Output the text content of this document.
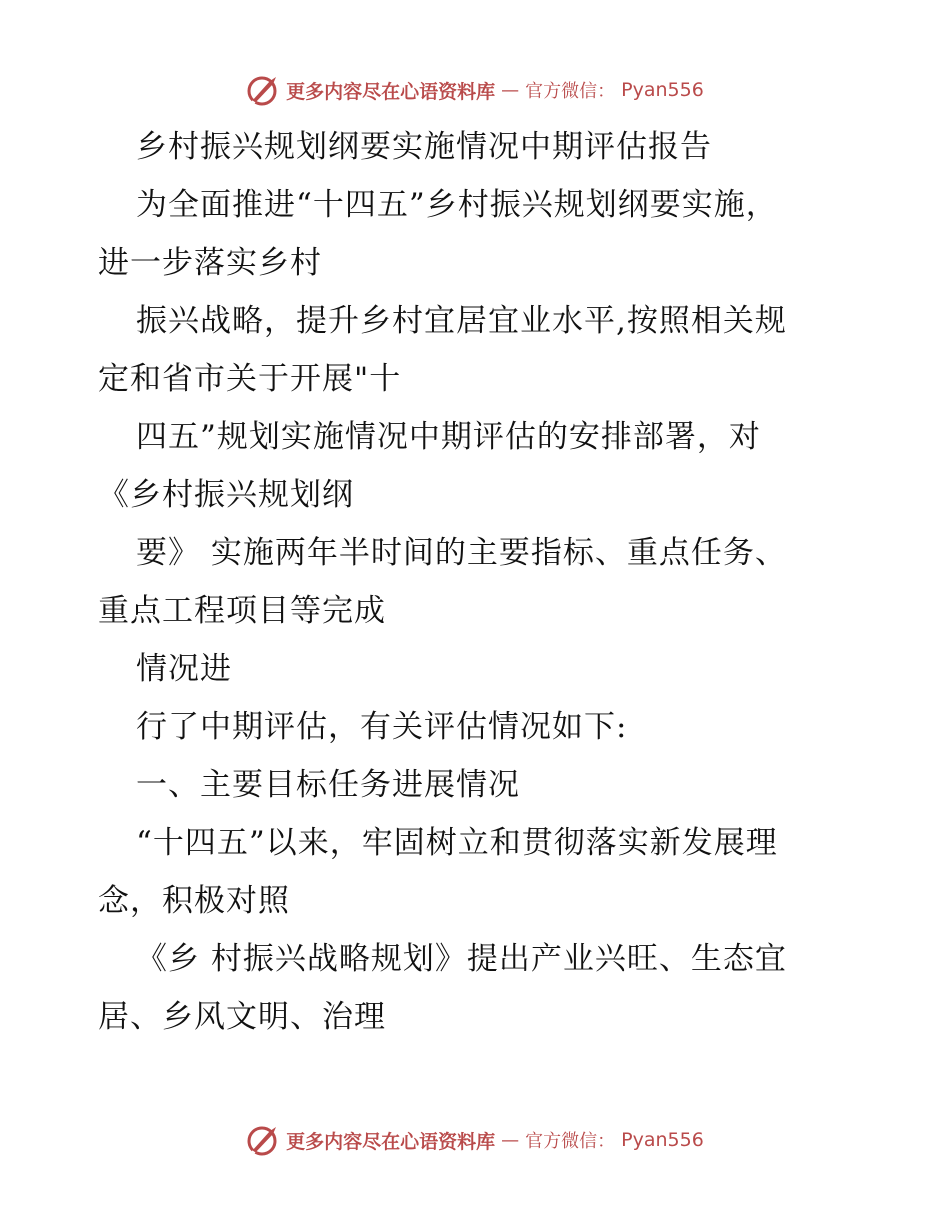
更多内容尽在心语资料库 — 官方微信： Pyan556
乡村振兴规划纲要实施情况中期评估报告
为全面推进“十四五”乡村振兴规划纲要实施，
进一步落实乡村
振兴战略，提升乡村宜居宜业水平,按照相关规
定和省市关于开展"十
四五”规划实施情况中期评估的安排部署，对
《乡村振兴规划纲
要》 实施两年半时间的主要指标、重点任务、
重点工程项目等完成
情况进
行了中期评估，有关评估情况如下:
一、主要目标任务进展情况
“十四五”以来，牢固树立和贯彻落实新发展理
念，积极对照
《乡 村振兴战略规划》提出产业兴旺、生态宜
居、乡风文明、治理
更多内容尽在心语资料库 — 官方微信： Pyan556
